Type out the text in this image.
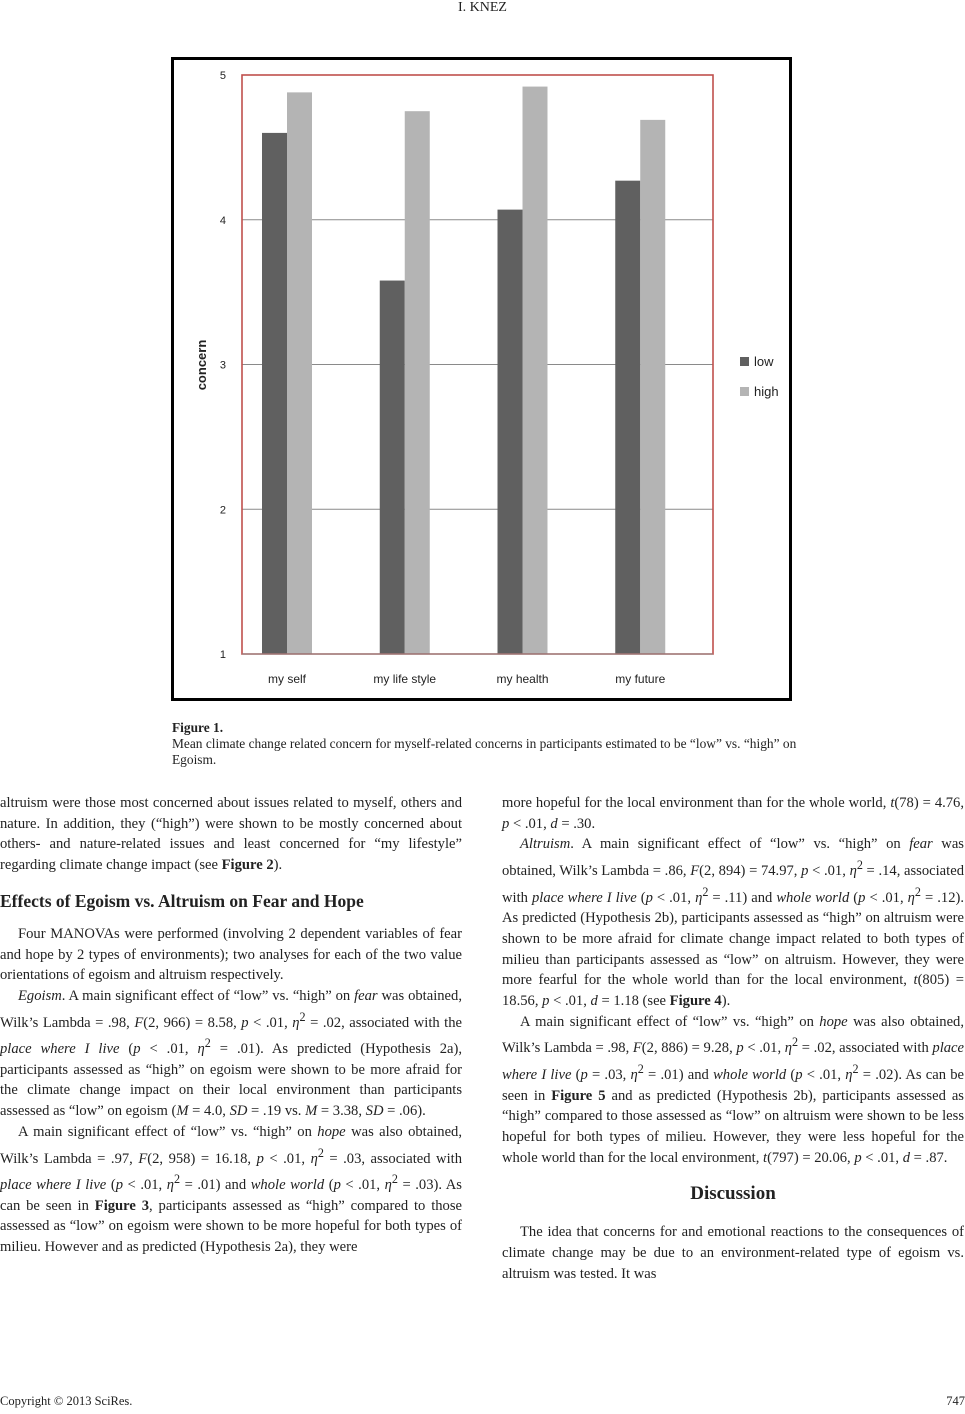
I. KNEZ
1
2
3
4
5
my self	my life style	my health	my future
concern	low
high
Figure 1.
Mean climate change related concern for myself-related concerns in participants estimated to be “low” vs. “high” on Egoism.

altruism were those most concerned about issues related to myself, others and nature. In addition, they (“high”) were shown to be mostly concerned about others- and nature-related issues and least concerned for “my lifestyle” regarding climate change impact (see Figure 2).

Effects of Egoism vs. Altruism on Fear and Hope

Four MANOVAs were performed (involving 2 dependent variables of fear and hope by 2 types of environments); two analyses for each of the two value orientations of egoism and altruism respectively.

Egoism. A main significant effect of “low” vs. “high” on fear was obtained, Wilk’s Lambda = .98, F(2, 966) = 8.58, p < .01, $\eta^2 = .02$, associated with the place where I live (p < .01, $\eta^2 = .01$). As predicted (Hypothesis 2a), participants assessed as “high” on egoism were shown to be more afraid for the climate change impact on their local environment than participants assessed as “low” on egoism (M = 4.0, SD = .19 vs. M = 3.38, SD = .06).

A main significant effect of “low” vs. “high” on hope was also obtained, Wilk’s Lambda = .97, F(2, 958) = 16.18, p < .01, $\eta^2 = .03$, associated with place where I live (p < .01, $\eta^2 = .01$) and whole world (p < .01, $\eta^2 = .03$). As can be seen in Figure 3, participants assessed as “high” compared to those assessed as “low” on egoism were shown to be more hopeful for both types of milieu. However and as predicted (Hypothesis 2a), they were

more hopeful for the local environment than for the whole world, t(78) = 4.76, p < .01, d = .30.

Altruism. A main significant effect of “low” vs. “high” on fear was obtained, Wilk’s Lambda = .86, F(2, 894) = 74.97, p < .01, $\eta^2 = .14$, associated with place where I live (p < .01, $\eta^2 = .11$) and whole world (p < .01, $\eta^2 = .12$). As predicted (Hypothesis 2b), participants assessed as “high” on altruism were shown to be more afraid for climate change impact related to both types of milieu than participants assessed as “low” on altruism. However, they were more fearful for the whole world than for the local environment, t(805) = 18.56, p < .01, d = 1.18 (see Figure 4).

A main significant effect of “low” vs. “high” on hope was also obtained, Wilk’s Lambda = .98, F(2, 886) = 9.28, p < .01, $\eta^2 = .02$, associated with place where I live (p = .03, $\eta^2 = .01$) and whole world (p < .01, $\eta^2 = .02$). As can be seen in Figure 5 and as predicted (Hypothesis 2b), participants assessed as “high” compared to those assessed as “low” on altruism were shown to be less hopeful for both types of milieu. However, they were less hopeful for the whole world than for the local environment, t(797) = 20.06, p < .01, d = .87.

Discussion

The idea that concerns for and emotional reactions to the consequences of climate change may be due to an environment-related type of egoism vs. altruism was tested. It was

Copyright © 2013 SciRes.	747
